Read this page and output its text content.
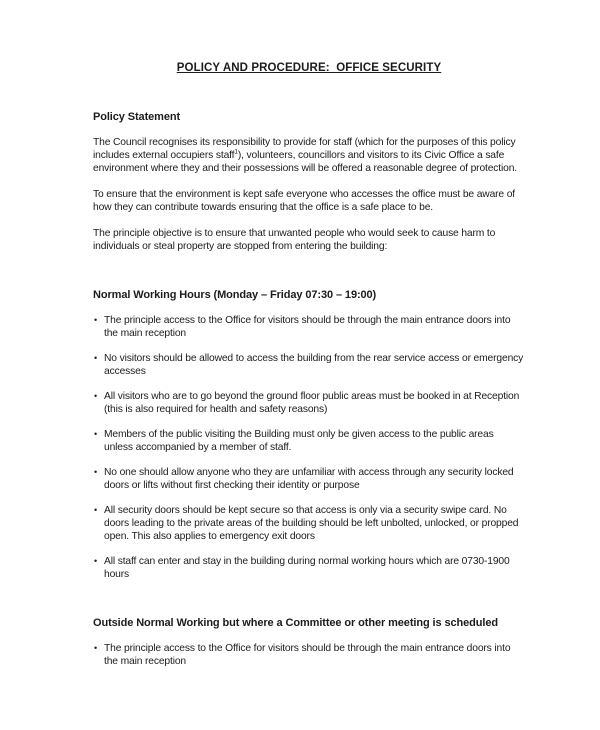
POLICY AND PROCEDURE:  OFFICE SECURITY
Policy Statement

The Council recognises its responsibility to provide for staff (which for the purposes of this policy includes external occupiers staff$^1$), volunteers, councillors and visitors to its Civic Office a safe environment where they and their possessions will be offered a reasonable degree of protection.

To ensure that the environment is kept safe everyone who accesses the office must be aware of how they can contribute towards ensuring that the office is a safe place to be.

The principle objective is to ensure that unwanted people who would seek to cause harm to individuals or steal property are stopped from entering the building:

Normal Working Hours (Monday – Friday 07:30 – 19:00)
• The principle access to the Office for visitors should be through the main entrance doors into the main reception
• No visitors should be allowed to access the building from the rear service access or emergency accesses
• All visitors who are to go beyond the ground floor public areas must be booked in at Reception (this is also required for health and safety reasons)
• Members of the public visiting the Building must only be given access to the public areas unless accompanied by a member of staff.
• No one should allow anyone who they are unfamiliar with access through any security locked doors or lifts without first checking their identity or purpose
• All security doors should be kept secure so that access is only via a security swipe card. No doors leading to the private areas of the building should be left unbolted, unlocked, or propped open. This also applies to emergency exit doors
• All staff can enter and stay in the building during normal working hours which are 0730-1900 hours
Outside Normal Working but where a Committee or other meeting is scheduled
• The principle access to the Office for visitors should be through the main entrance doors into the main reception
